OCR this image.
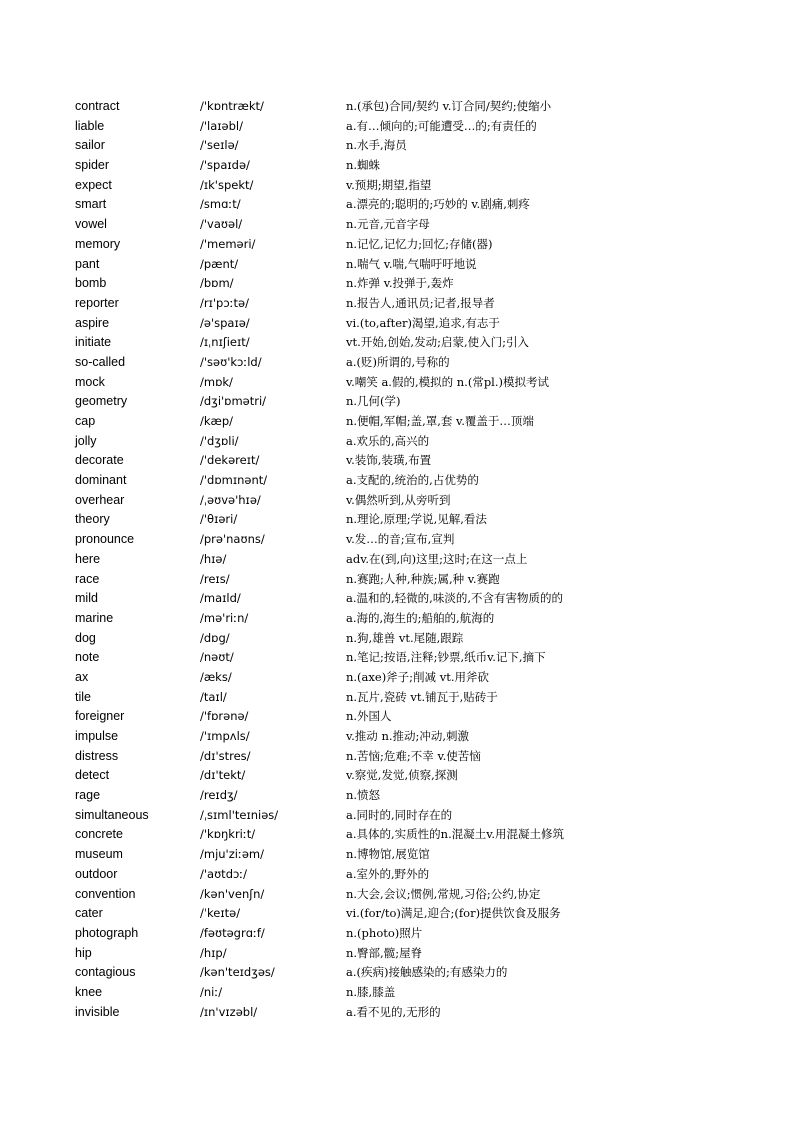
contract	/'kɒntrækt/	n.(承包)合同/契约 v.订合同/契约;使缩小
liable	/'laɪəbl/	a.有…倾向的;可能遭受…的;有责任的
sailor	/'seɪlə/	n.水手,海员
spider	/'spaɪdə/	n.蜘蛛
expect	/ɪk'spekt/	v.预期;期望,指望
smart	/smɑːt/	a.漂亮的;聪明的;巧妙的 v.剧痛,刺疼
vowel	/'vaʊəl/	n.元音,元音字母
memory	/'meməri/	n.记忆,记忆力;回忆;存储(器)
pant	/pænt/	n.喘气 v.喘,气喘吁吁地说
bomb	/bɒm/	n.炸弹 v.投弹于,轰炸
reporter	/rɪ'pɔːtə/	n.报告人,通讯员;记者,报导者
aspire	/ə'spaɪə/	vi.(to,after)渴望,追求,有志于
initiate	/ɪˌnɪʃieɪt/	vt.开始,创始,发动;启蒙,使入门;引入
so-called	/'səʊ'kɔːld/	a.(贬)所谓的,号称的
mock	/mɒk/	v.嘲笑 a.假的,模拟的 n.(常pl.)模拟考试
geometry	/dʒi'ɒmətri/	n.几何(学)
cap	/kæp/	n.便帽,军帽;盖,罩,套 v.覆盖于…顶端
jolly	/'dʒɒli/	a.欢乐的,高兴的
decorate	/'dekəreɪt/	v.装饰,装璜,布置
dominant	/'dɒmɪnənt/	a.支配的,统治的,占优势的
overhear	/ˌəʊvə'hɪə/	v.偶然听到,从旁听到
theory	/'θɪəri/	n.理论,原理;学说,见解,看法
pronounce	/prə'naʊns/	v.发…的音;宣布,宣判
here	/hɪə/	adv.在(到,向)这里;这时;在这一点上
race	/reɪs/	n.赛跑;人种,种族;属,种 v.赛跑
mild	/maɪld/	a.温和的,轻微的,味淡的,不含有害物质的的
marine	/mə'riːn/	a.海的,海生的;船舶的,航海的
dog	/dɒg/	n.狗,雄兽 vt.尾随,跟踪
note	/nəʊt/	n.笔记;按语,注释;钞票,纸币v.记下,摘下
ax	/æks/	n.(axe)斧子;削减 vt.用斧砍
tile	/taɪl/	n.瓦片,瓷砖 vt.铺瓦于,贴砖于
foreigner	/'fɒrənə/	n.外国人
impulse	/'ɪmpʌls/	v.推动 n.推动;冲动,刺激
distress	/dɪ'stres/	n.苦恼;危难;不幸 v.使苦恼
detect	/dɪ'tekt/	v.察觉,发觉,侦察,探测
rage	/reɪdʒ/	n.愤怒
simultaneous	/ˌsɪml'teɪniəs/	a.同时的,同时存在的
concrete	/'kɒŋkriːt/	a.具体的,实质性的n.混凝土v.用混凝土修筑
museum	/mju'ziːəm/	n.博物馆,展览馆
outdoor	/'aʊtdɔː/	a.室外的,野外的
convention	/kən'venʃn/	n.大会,会议;惯例,常规,习俗;公约,协定
cater	/ˈkeɪtə/	vi.(for/to)满足,迎合;(for)提供饮食及服务
photograph	/fəʊtəgrɑːf/	n.(photo)照片
hip	/hɪp/	n.臀部,髋;屋脊
contagious	/kən'teɪdʒəs/	a.(疾病)接触感染的;有感染力的
knee	/niː/	n.膝,膝盖
invisible	/ɪn'vɪzəbl/	a.看不见的,无形的
